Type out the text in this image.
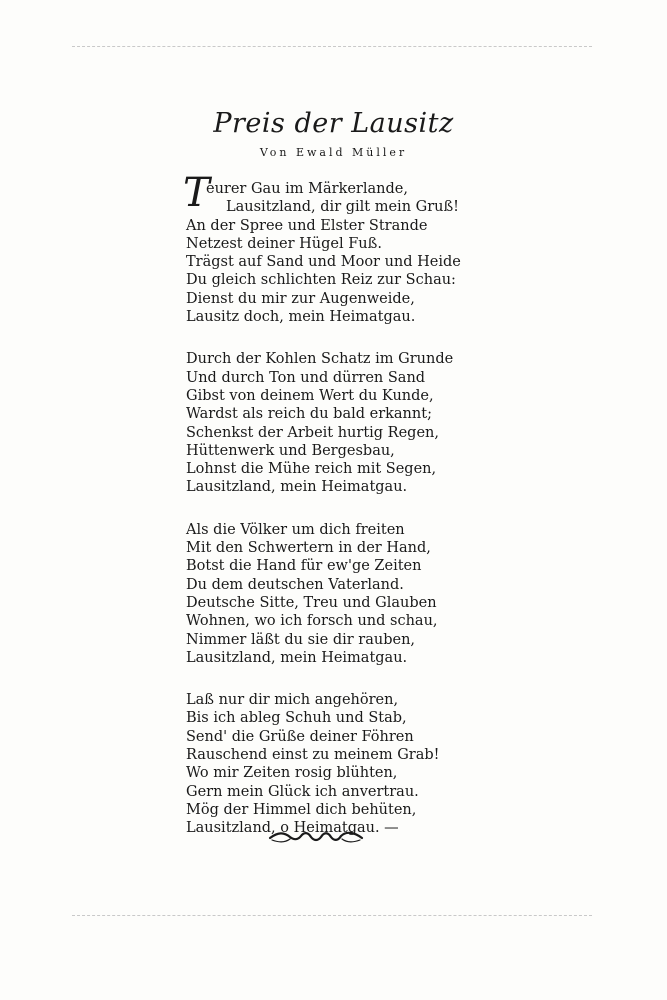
Preis der Lausitz

Von Ewald Müller

T
eurer Gau im Märkerlande,
Lausitzland, dir gilt mein Gruß!
An der Spree und Elster Strande
Netzest deiner Hügel Fuß.
Trägst auf Sand und Moor und Heide
Du gleich schlichten Reiz zur Schau:
Dienst du mir zur Augenweide,
Lausitz doch, mein Heimatgau.
Durch der Kohlen Schatz im Grunde
Und durch Ton und dürren Sand
Gibst von deinem Wert du Kunde,
Wardst als reich du bald erkannt;
Schenkst der Arbeit hurtig Regen,
Hüttenwerk und Bergesbau,
Lohnst die Mühe reich mit Segen,
Lausitzland, mein Heimatgau.
Als die Völker um dich freiten
Mit den Schwertern in der Hand,
Botst die Hand für ew'ge Zeiten
Du dem deutschen Vaterland.
Deutsche Sitte, Treu und Glauben
Wohnen, wo ich forsch und schau,
Nimmer läßt du sie dir rauben,
Lausitzland, mein Heimatgau.
Laß nur dir mich angehören,
Bis ich ableg Schuh und Stab,
Send' die Grüße deiner Föhren
Rauschend einst zu meinem Grab!
Wo mir Zeiten rosig blühten,
Gern mein Glück ich anvertrau.
Mög der Himmel dich behüten,
Lausitzland, o Heimatgau. —
